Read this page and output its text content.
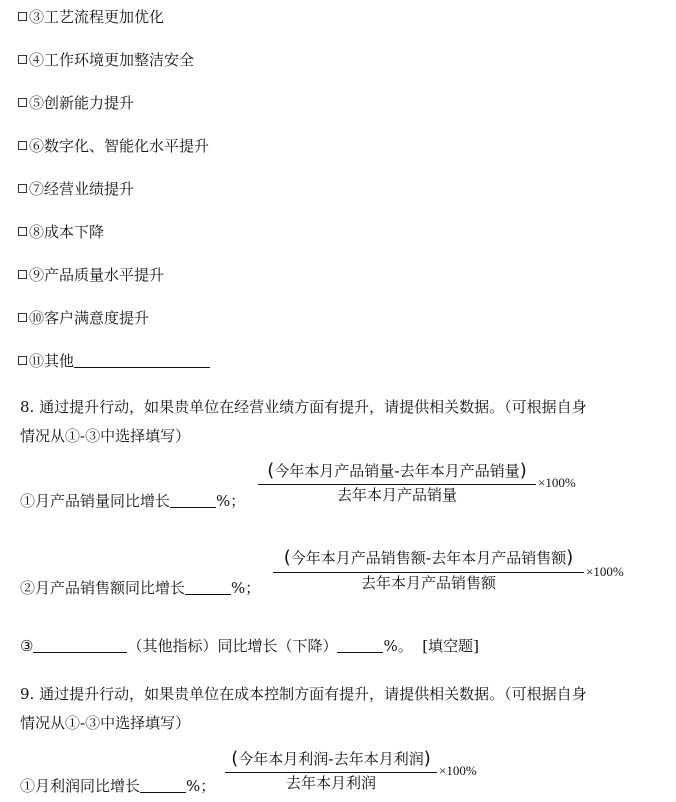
③工艺流程更加优化
④工作环境更加整洁安全
⑤创新能力提升
⑥数字化、智能化水平提升
⑦经营业绩提升
⑧成本下降
⑨产品质量水平提升
⑩客户满意度提升
⑪其他
8. 通过提升行动，如果贵单位在经营业绩方面有提升，请提供相关数据。（可根据自身
情况从①-③中选择填写）
①月产品销量同比增长	%；
(今年本月产品销量-去年本月产品销量)
去年本月产品销量
×100%
②月产品销售额同比增长	%；
(今年本月产品销售额-去年本月产品销售额)
去年本月产品销售额
×100%
③	（其他指标）同比增长（下降）	%。 [填空题]
9. 通过提升行动，如果贵单位在成本控制方面有提升，请提供相关数据。（可根据自身
情况从①-③中选择填写）
①月利润同比增长	%；
(今年本月利润-去年本月利润)
去年本月利润
×100%
